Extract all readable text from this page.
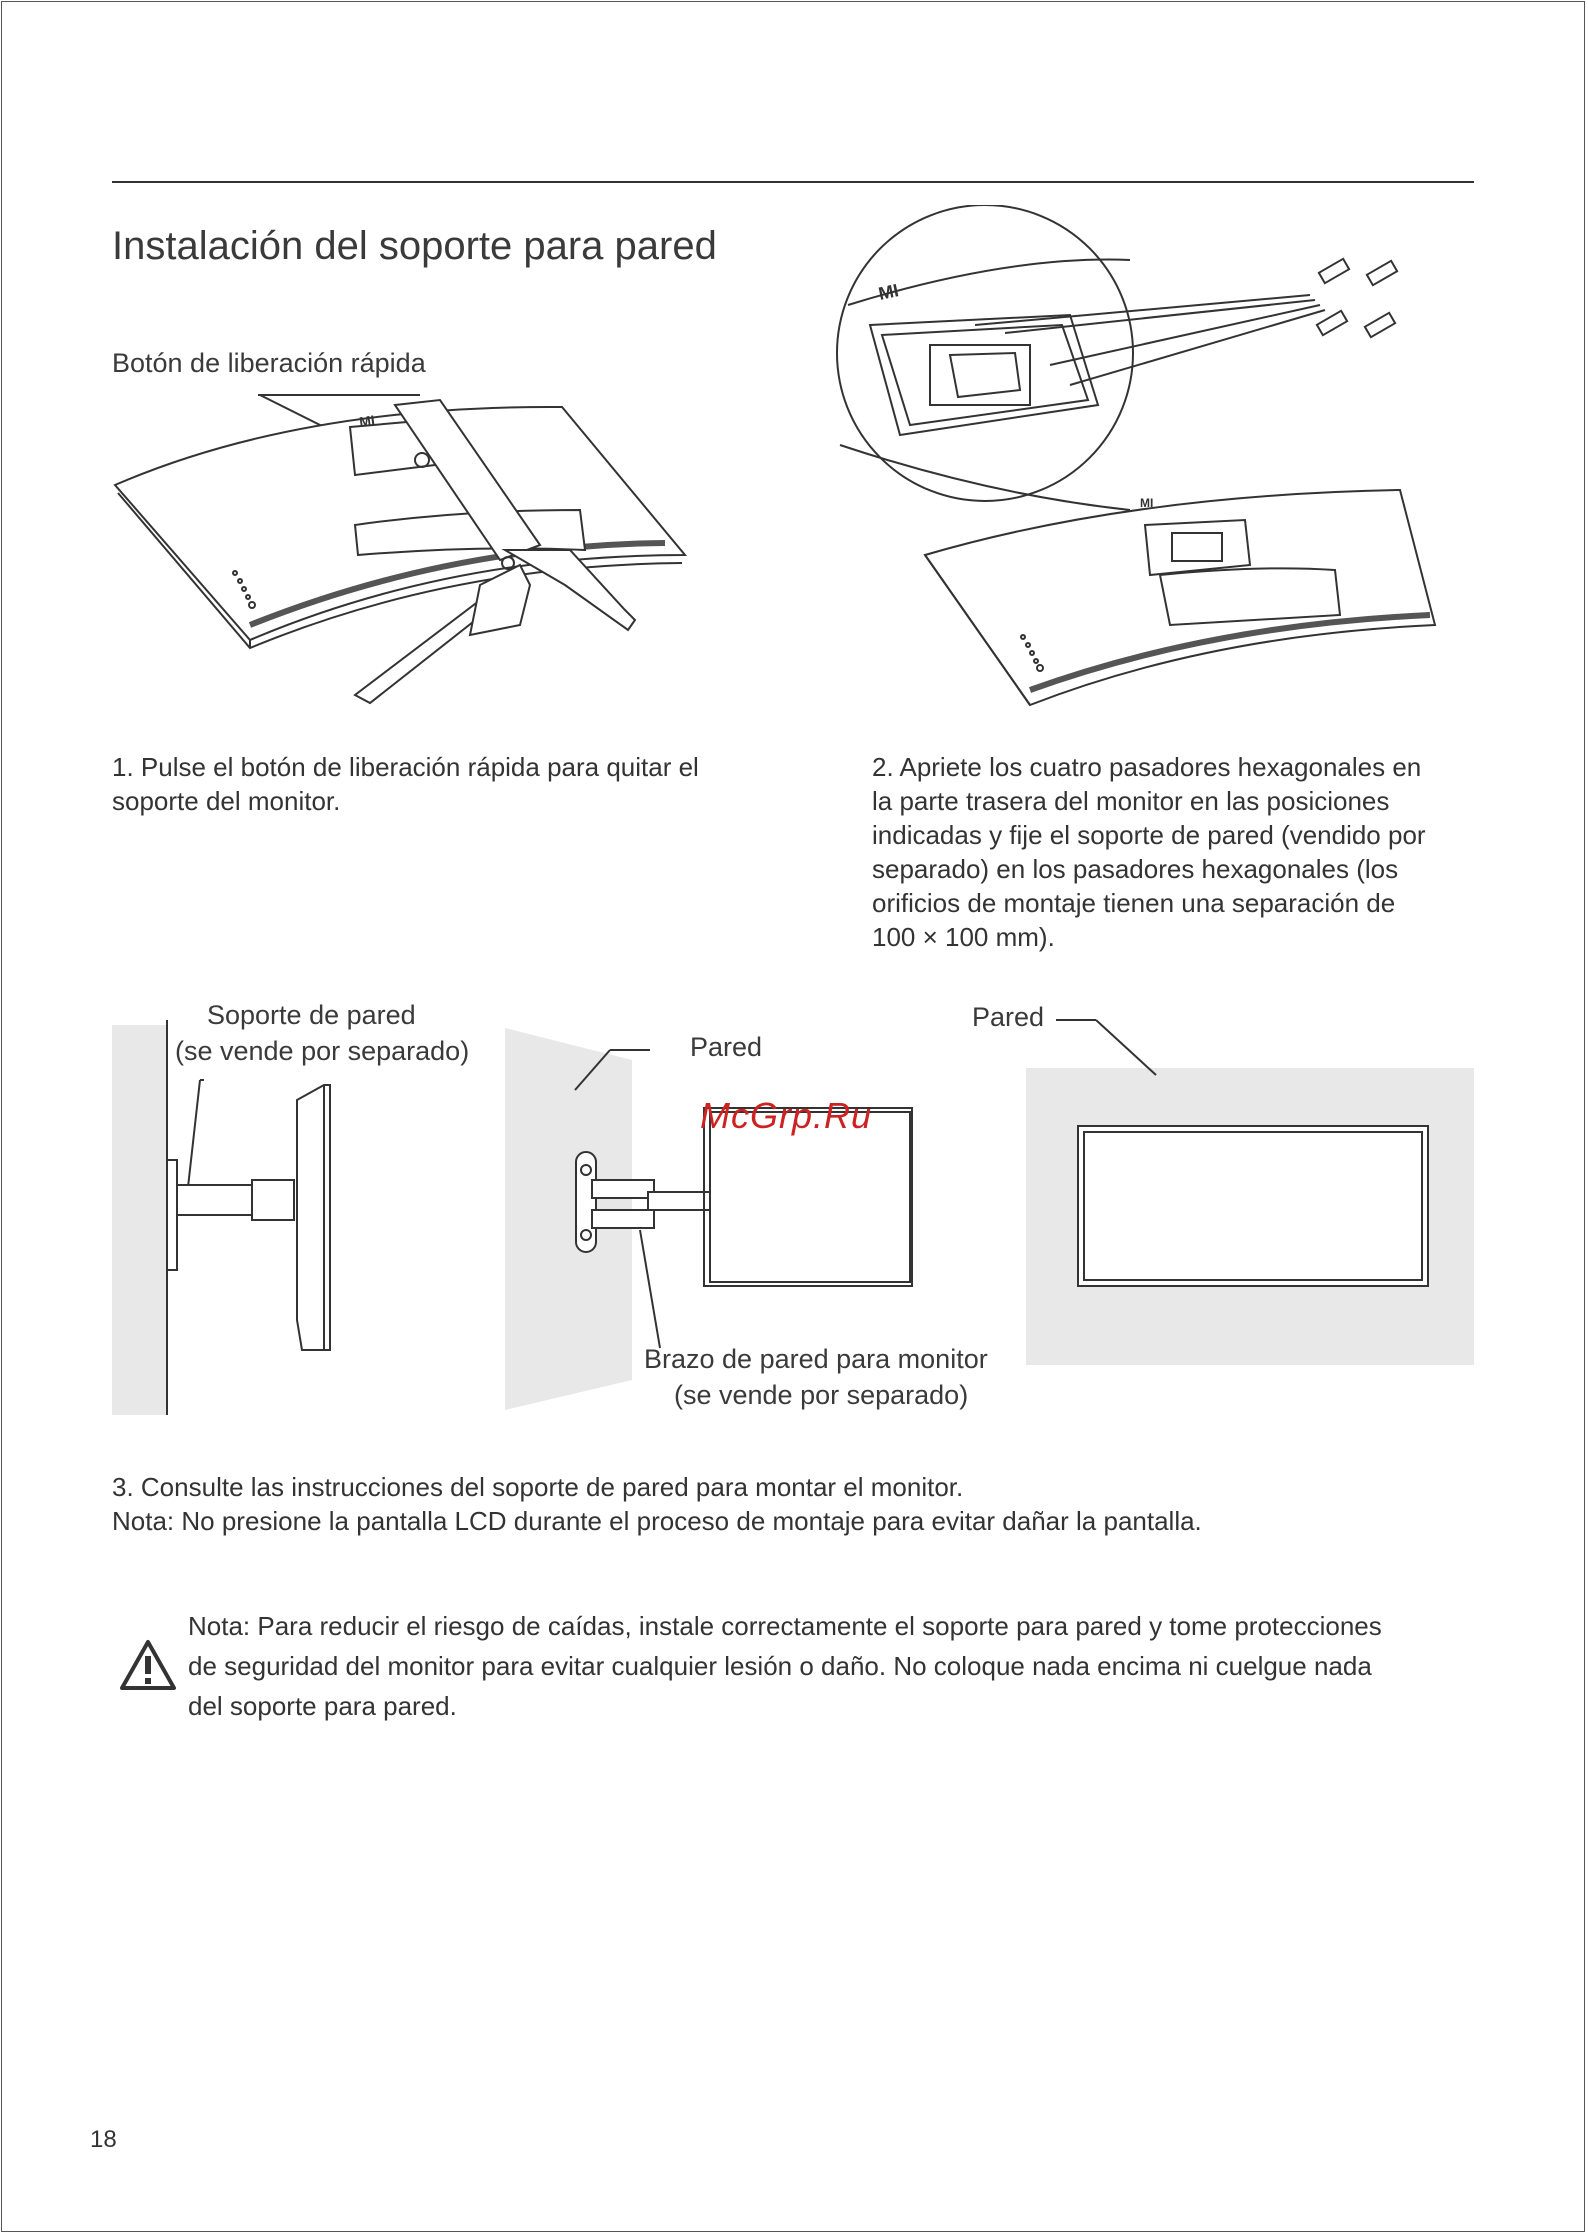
Instalación del soporte para pared
Botón de liberación rápida
MI
MI
MI
1. Pulse el botón de liberación rápida para quitar el
soporte del monitor.
2. Apriete los cuatro pasadores hexagonales en
la parte trasera del monitor en las posiciones
indicadas y fije el soporte de pared (vendido por
separado) en los pasadores hexagonales (los
orificios de montaje tienen una separación de
100 × 100 mm).
Soporte de pared
(se vende por separado)	Pared
Brazo de pared para monitor
(se vende por separado)
McGrp.Ru
Pared
3. Consulte las instrucciones del soporte de pared para montar el monitor.
Nota: No presione la pantalla LCD durante el proceso de montaje para evitar dañar la pantalla.
Nota: Para reducir el riesgo de caídas, instale correctamente el soporte para pared y tome protecciones
de seguridad del monitor para evitar cualquier lesión o daño. No coloque nada encima ni cuelgue nada
del soporte para pared.
18
